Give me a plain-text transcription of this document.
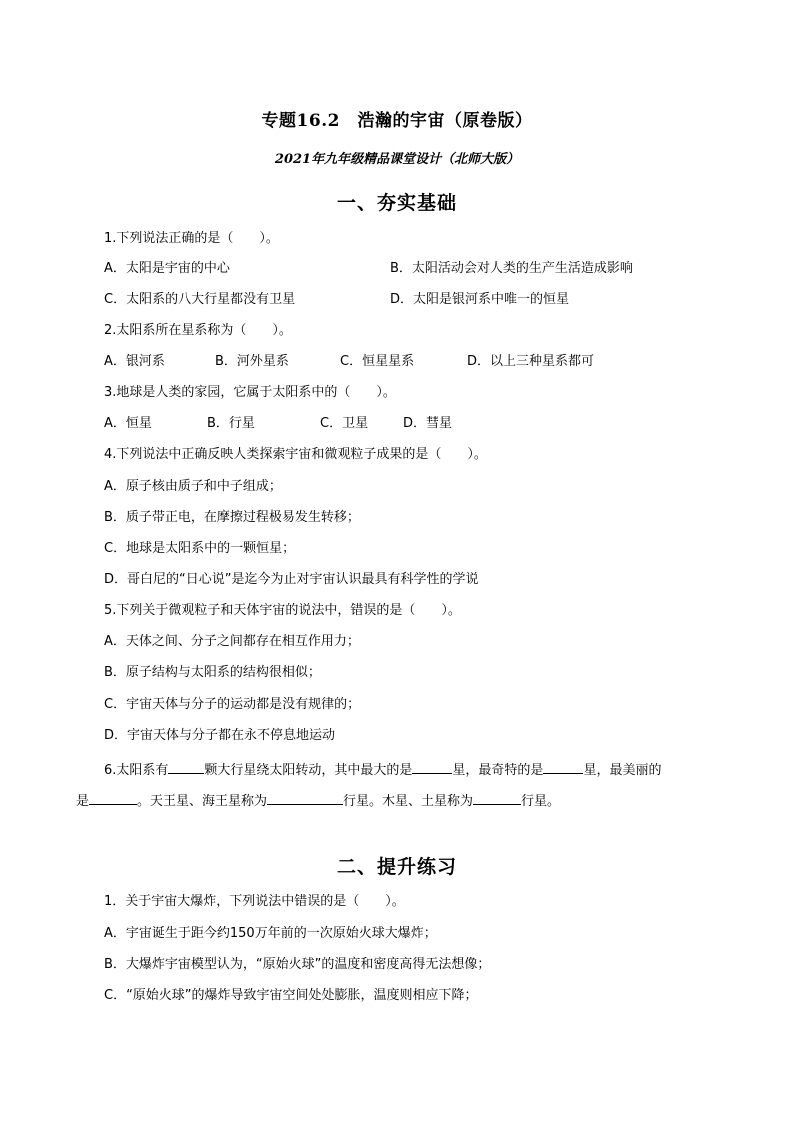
专题16.2　浩瀚的宇宙（原卷版）
2021年九年级精品课堂设计（北师大版）
一、夯实基础
1.下列说法正确的是（　　）。
A．太阳是宇宙的中心	B．太阳活动会对人类的生产生活造成影响
C．太阳系的八大行星都没有卫星	D．太阳是银河系中唯一的恒星
2.太阳系所在星系称为（　　）。
A．银河系	B．河外星系	C．恒星星系	D．以上三种星系都可
3.地球是人类的家园，它属于太阳系中的（　　）。
A．恒星	B．行星	C．卫星	D．彗星
4.下列说法中正确反映人类探索宇宙和微观粒子成果的是（　　）。
A．原子核由质子和中子组成；
B．质子带正电，在摩擦过程极易发生转移；
C．地球是太阳系中的一颗恒星；
D．哥白尼的“日心说”是迄今为止对宇宙认识最具有科学性的学说
5.下列关于微观粒子和天体宇宙的说法中，错误的是（　　）。
A．天体之间、分子之间都存在相互作用力；
B．原子结构与太阳系的结构很相似；
C．宇宙天体与分子的运动都是没有规律的；
D．宇宙天体与分子都在永不停息地运动
6.太阳系有	颗大行星绕太阳转动，其中最大的是	星，最奇特的是	星，最美丽的
是	。天王星、海王星称为	行星。木星、土星称为	行星。
二、提升练习
1．关于宇宙大爆炸，下列说法中错误的是（　　）。
A．宇宙诞生于距今约150万年前的一次原始火球大爆炸；
B．大爆炸宇宙模型认为，“原始火球”的温度和密度高得无法想像；
C．“原始火球”的爆炸导致宇宙空间处处膨胀，温度则相应下降；
